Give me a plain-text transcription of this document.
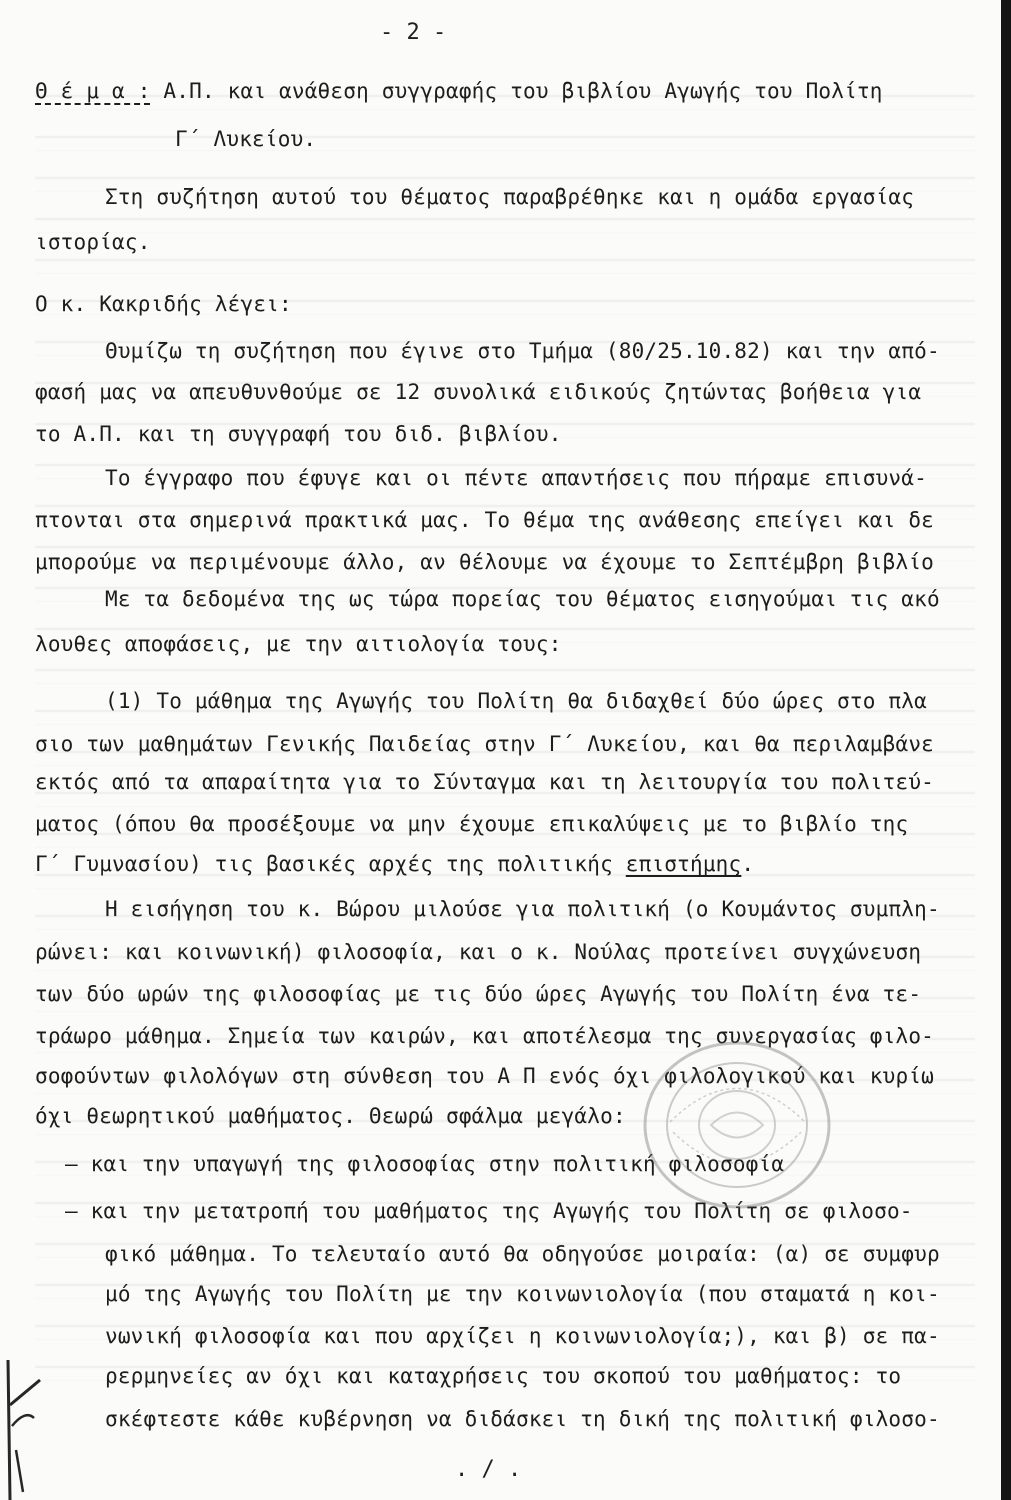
- 2 -
Θ έ μ α : Α.Π. και ανάθεση συγγραφής του βιβλίου Αγωγής του Πολίτη
Γ΄ Λυκείου.
Στη συζήτηση αυτού του θέματος παραβρέθηκε και η ομάδα εργασίας
ιστορίας.
Ο κ. Κακριδής λέγει:
Θυμίζω τη συζήτηση που έγινε στο Τμήμα (80/25.10.82) και την από-
φασή μας να απευθυνθούμε σε 12 συνολικά ειδικούς ζητώντας βοήθεια για
το Α.Π. και τη συγγραφή του διδ. βιβλίου.
Το έγγραφο που έφυγε και οι πέντε απαντήσεις που πήραμε επισυνά-
πτονται στα σημερινά πρακτικά μας. Το θέμα της ανάθεσης επείγει και δε
μπορούμε να περιμένουμε άλλο, αν θέλουμε να έχουμε το Σεπτέμβρη βιβλίο
Με τα δεδομένα της ως τώρα πορείας του θέματος εισηγούμαι τις ακό
λουθες αποφάσεις, με την αιτιολογία τους:
(1) Το μάθημα της Αγωγής του Πολίτη θα διδαχθεί δύο ώρες στο πλα
σιο των μαθημάτων Γενικής Παιδείας στην Γ΄ Λυκείου, και θα περιλαμβάνε
εκτός από τα απαραίτητα για το Σύνταγμα και τη λειτουργία του πολιτεύ-
ματος (όπου θα προσέξουμε να μην έχουμε επικαλύψεις με το βιβλίο της
Γ΄ Γυμνασίου) τις βασικές αρχές της πολιτικής επιστήμης.
Η εισήγηση του κ. Βώρου μιλούσε για πολιτική (ο Κουμάντος συμπλη-
ρώνει: και κοινωνική) φιλοσοφία, και ο κ. Νούλας προτείνει συγχώνευση
των δύο ωρών της φιλοσοφίας με τις δύο ώρες Αγωγής του Πολίτη ένα τε-
τράωρο μάθημα. Σημεία των καιρών, και αποτέλεσμα της συνεργασίας φιλο-
σοφούντων φιλολόγων στη σύνθεση του Α Π ενός όχι φιλολογικού και κυρίω
όχι θεωρητικού μαθήματος. Θεωρώ σφάλμα μεγάλο:
– και την υπαγωγή της φιλοσοφίας στην πολιτική φιλοσοφία
– και την μετατροπή του μαθήματος της Αγωγής του Πολίτη σε φιλοσο-
φικό μάθημα. Το τελευταίο αυτό θα οδηγούσε μοιραία: (α) σε συμφυρ
μό της Αγωγής του Πολίτη με την κοινωνιολογία (που σταματά η κοι-
νωνική φιλοσοφία και που αρχίζει η κοινωνιολογία;), και β) σε πα-
ρερμηνείες αν όχι και καταχρήσεις του σκοπού του μαθήματος: το
σκέφτεστε κάθε κυβέρνηση να διδάσκει τη δική της πολιτική φιλοσο-
. / .
